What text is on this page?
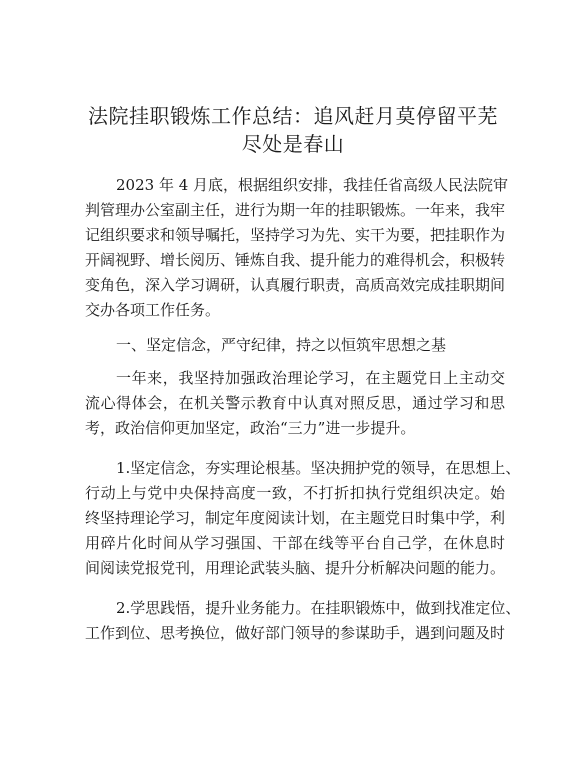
法院挂职锻炼工作总结：追风赶月莫停留平芜
尽处是春山

2023 年 4 月底，根据组织安排，我挂任省高级人民法院审

判管理办公室副主任，进行为期一年的挂职锻炼。一年来，我牢

记组织要求和领导嘱托，坚持学习为先、实干为要，把挂职作为

开阔视野、增长阅历、锤炼自我、提升能力的难得机会，积极转

变角色，深入学习调研，认真履行职责，高质高效完成挂职期间

交办各项工作任务。

一、坚定信念，严守纪律，持之以恒筑牢思想之基

一年来，我坚持加强政治理论学习，在主题党日上主动交

流心得体会，在机关警示教育中认真对照反思，通过学习和思

考，政治信仰更加坚定，政治“三力”进一步提升。

1.坚定信念，夯实理论根基。坚决拥护党的领导，在思想上、

行动上与党中央保持高度一致，不打折扣执行党组织决定。始

终坚持理论学习，制定年度阅读计划，在主题党日时集中学，利

用碎片化时间从学习强国、干部在线等平台自己学，在休息时

间阅读党报党刊，用理论武装头脑、提升分析解决问题的能力。

2.学思践悟，提升业务能力。在挂职锻炼中，做到找准定位、

工作到位、思考换位，做好部门领导的参谋助手，遇到问题及时
